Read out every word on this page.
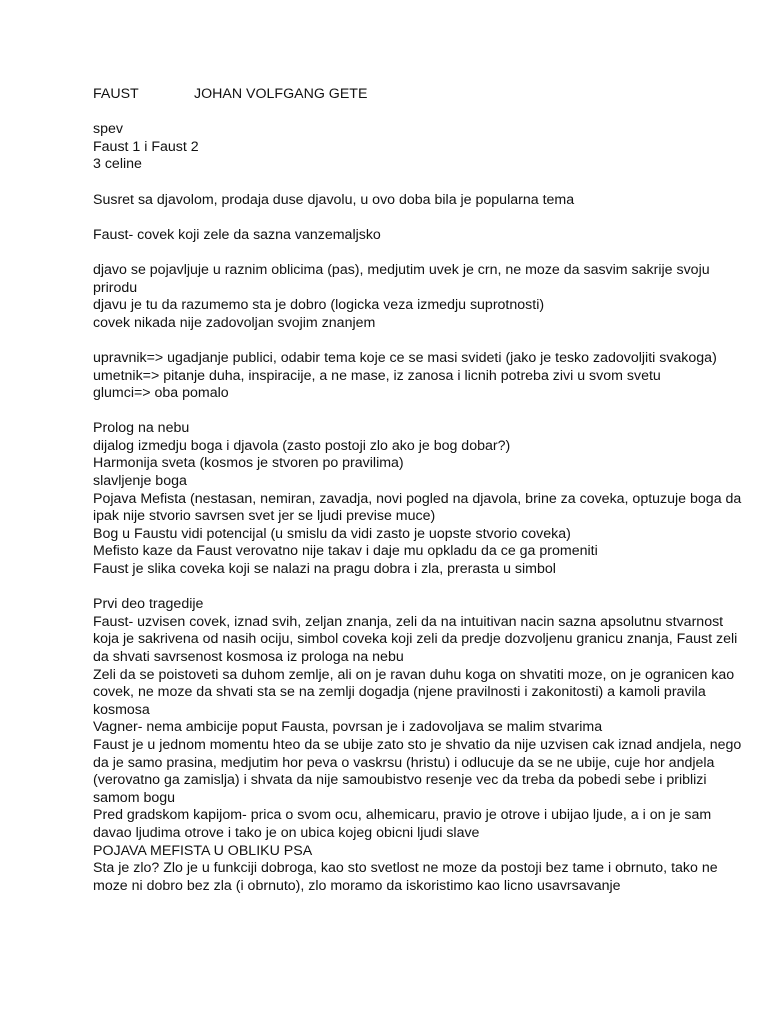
FAUST	JOHAN VOLFGANG GETE
spev
Faust 1 i Faust 2
3 celine
Susret sa djavolom, prodaja duse djavolu, u ovo doba bila je popularna tema
Faust- covek koji zele da sazna vanzemaljsko
djavo se pojavljuje u raznim oblicima (pas), medjutim uvek je crn, ne moze da sasvim sakrije svoju prirodu
djavu je tu da razumemo sta je dobro (logicka veza izmedju suprotnosti)
covek nikada nije zadovoljan svojim znanjem
upravnik=> ugadjanje publici, odabir tema koje ce se masi svideti (jako je tesko zadovoljiti svakoga)
umetnik=> pitanje duha, inspiracije, a ne mase, iz zanosa i licnih potreba zivi u svom svetu
glumci=> oba pomalo
Prolog na nebu
dijalog izmedju boga i djavola (zasto postoji zlo ako je bog dobar?)
Harmonija sveta (kosmos je stvoren po pravilima)
slavljenje boga
Pojava Mefista (nestasan, nemiran, zavadja, novi pogled na djavola, brine za coveka, optuzuje boga da ipak nije stvorio savrsen svet jer se ljudi previse muce)
Bog u Faustu vidi potencijal (u smislu da vidi zasto je uopste stvorio coveka)
Mefisto kaze da Faust verovatno nije takav i daje mu opkladu da ce ga promeniti
Faust je slika coveka koji se nalazi na pragu dobra i zla, prerasta u simbol
Prvi deo tragedije
Faust- uzvisen covek, iznad svih, zeljan znanja, zeli da na intuitivan nacin sazna apsolutnu stvarnost koja je sakrivena od nasih ociju, simbol coveka koji zeli da predje dozvoljenu granicu znanja, Faust zeli da shvati savrsenost kosmosa iz prologa na nebu
Zeli da se poistoveti sa duhom zemlje, ali on je ravan duhu koga on shvatiti moze, on je ogranicen kao covek, ne moze da shvati sta se na zemlji dogadja (njene pravilnosti i zakonitosti) a kamoli pravila kosmosa
Vagner- nema ambicije poput Fausta, povrsan je i zadovoljava se malim stvarima
Faust je u jednom momentu hteo da se ubije zato sto je shvatio da nije uzvisen cak iznad andjela, nego da je samo prasina, medjutim hor peva o vaskrsu (hristu) i odlucuje da se ne ubije, cuje hor andjela (verovatno ga zamislja) i shvata da nije samoubistvo resenje vec da treba da pobedi sebe i priblizi samom bogu
Pred gradskom kapijom- prica o svom ocu, alhemicaru, pravio je otrove i ubijao ljude, a i on je sam davao ljudima otrove i tako je on ubica kojeg obicni ljudi slave
POJAVA MEFISTA U OBLIKU PSA
Sta je zlo? Zlo je u funkciji dobroga, kao sto svetlost ne moze da postoji bez tame i obrnuto, tako ne moze ni dobro bez zla (i obrnuto), zlo moramo da iskoristimo kao licno usavrsavanje
